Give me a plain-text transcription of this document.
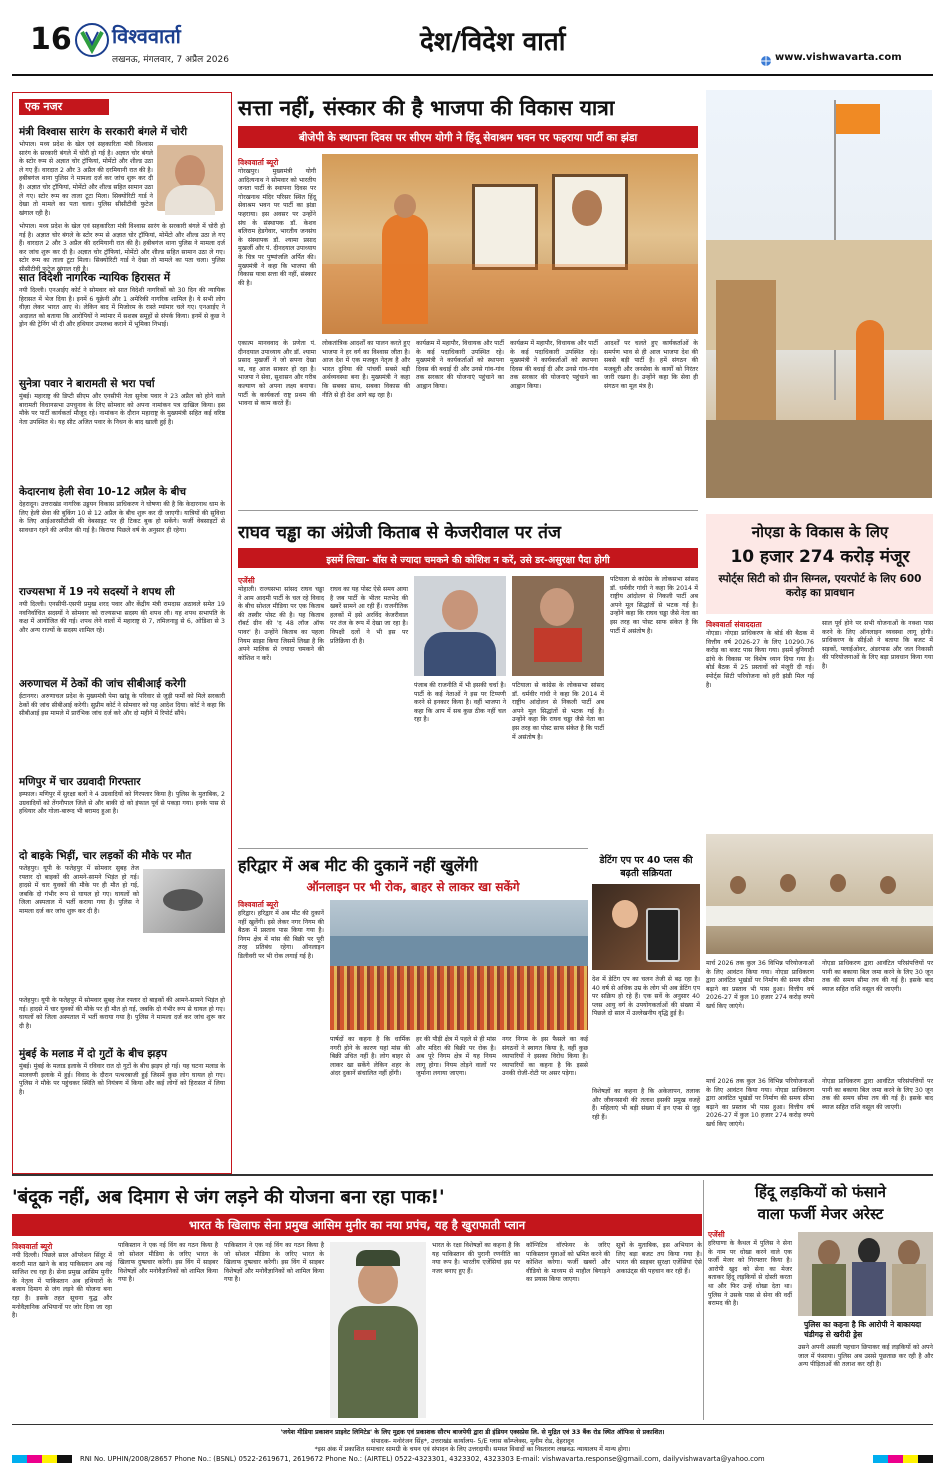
16 विश्ववार्ता
लखनऊ, मंगलवार, 7 अप्रैल 2026
देश/विदेश वार्ता
www.vishwavarta.com
एक नजर
मंत्री विश्वास सारंग के सरकारी बंगले में चोरी
भोपाल। मध्य प्रदेश के खेल एवं सहकारिता मंत्री विश्वास सारंग के सरकारी बंगले में चोरी हो गई है। अज्ञात चोर बंगले के स्टोर रूम से अज्ञात चोर ट्रॉफियां, मोमेंटो और शील्ड उठा ले गए हैं। वारदात 2 और 3 अप्रैल की दरमियानी रात की है। हबीबगंज थाना पुलिस ने मामला दर्ज कर जांच शुरू कर दी है। अज्ञात चोर ट्रॉफियां, मोमेंटो और शील्ड सहित सामान उठा ले गए। स्टोर रूम का ताला टूटा मिला। सिक्योरिटी गार्ड ने देखा तो मामले का पता चला। पुलिस सीसीटीवी फुटेज खंगाल रही है।
भोपाल। मध्य प्रदेश के खेल एवं सहकारिता मंत्री विश्वास सारंग के सरकारी बंगले में चोरी हो गई है। अज्ञात चोर बंगले के स्टोर रूम से अज्ञात चोर ट्रॉफियां, मोमेंटो और शील्ड उठा ले गए हैं। वारदात 2 और 3 अप्रैल की दरमियानी रात की है। हबीबगंज थाना पुलिस ने मामला दर्ज कर जांच शुरू कर दी है। अज्ञात चोर ट्रॉफियां, मोमेंटो और शील्ड सहित सामान उठा ले गए। स्टोर रूम का ताला टूटा मिला। सिक्योरिटी गार्ड ने देखा तो मामले का पता चला। पुलिस सीसीटीवी फुटेज खंगाल रही है।
सात विदेशी नागरिक न्यायिक हिरासत में
नयी दिल्ली। एनआईए कोर्ट ने सोमवार को सात विदेशी नागरिकों को 30 दिन की न्यायिक हिरासत में भेज दिया है। इनमें 6 यूक्रेनी और 1 अमेरिकी नागरिक शामिल है। ये सभी लोग वीज़ा लेकर भारत आए थे। लेकिन बाद में मिजोरम के रास्ते म्यांमार चले गए। एनआईए ने अदालत को बताया कि आरोपियों ने म्यांमार में सशस्त्र समूहों से संपर्क किया। इनमें से कुछ ने ड्रोन की ट्रेनिंग भी दी और हथियार उपलब्ध कराने में भूमिका निभाई।
सुनेत्रा पवार ने बारामती से भरा पर्चा
मुंबई। महाराष्ट्र की डिप्टी सीएम और एनसीपी नेता सुनेत्रा पवार ने 23 अप्रैल को होने वाले बारामती विधानसभा उपचुनाव के लिए सोमवार को अपना नामांकन पत्र दाखिल किया। इस मौके पर पार्टी कार्यकर्ता मौजूद रहे। नामांकन के दौरान महाराष्ट्र के मुख्यमंत्री सहित कई वरिष्ठ नेता उपस्थित थे। यह सीट अजित पवार के निधन के बाद खाली हुई है।
केदारनाथ हेली सेवा 10-12 अप्रैल के बीच
देहरादून। उत्तराखंड नागरिक उड्डयन विकास प्राधिकरण ने घोषणा की है कि केदारनाथ धाम के लिए हेली सेवा की बुकिंग 10 से 12 अप्रैल के बीच शुरू कर दी जाएगी। यात्रियों की सुविधा के लिए आईआरसीटीसी की वेबसाइट पर ही टिकट बुक हो सकेंगे। फर्जी वेबसाइटों से सावधान रहने की अपील की गई है। किराया पिछले वर्ष के अनुसार ही रहेगा।
राज्यसभा में 19 नये सदस्यों ने शपथ ली
नयी दिल्ली। एनसीपी-एसपी प्रमुख शरद पवार और केंद्रीय मंत्री रामदास अठावले समेत 19 नवनिर्वाचित सदस्यों ने सोमवार को राज्यसभा सदस्य की शपथ ली। यह शपथ सभापति के कक्ष में आयोजित की गई। शपथ लेने वालों में महाराष्ट्र से 7, तमिलनाडु से 6, ओडिशा से 3 और अन्य राज्यों के सदस्य शामिल रहे।
अरुणाचल में ठेकों की जांच सीबीआई करेगी
ईटानगर। अरुणाचल प्रदेश के मुख्यमंत्री पेमा खांडू के परिवार से जुड़ी फर्मों को मिले सरकारी ठेकों की जांच सीबीआई करेगी। सुप्रीम कोर्ट ने सोमवार को यह आदेश दिया। कोर्ट ने कहा कि सीबीआई इस मामले में प्रारंभिक जांच दर्ज करे और दो महीने में रिपोर्ट सौंपे।
मणिपुर में चार उग्रवादी गिरफ्तार
इम्फाल। मणिपुर में सुरक्षा बलों ने 4 उग्रवादियों को गिरफ्तार किया है। पुलिस के मुताबिक, 2 उग्रवादियों को तेंगनौपाल जिले से और बाकी दो को इंफाल पूर्व से पकड़ा गया। इनके पास से हथियार और गोला-बारूद भी बरामद हुआ है।
दो बाइके भिड़ीं, चार लड़कों की मौके पर मौत
फतेहपुर। यूपी के फतेहपुर में सोमवार सुबह तेज रफ्तार दो बाइकों की आमने-सामने भिड़ंत हो गई। हादसे में चार युवकों की मौके पर ही मौत हो गई, जबकि दो गंभीर रूप से घायल हो गए। घायलों को जिला अस्पताल में भर्ती कराया गया है। पुलिस ने मामला दर्ज कर जांच शुरू कर दी है।
फतेहपुर। यूपी के फतेहपुर में सोमवार सुबह तेज रफ्तार दो बाइकों की आमने-सामने भिड़ंत हो गई। हादसे में चार युवकों की मौके पर ही मौत हो गई, जबकि दो गंभीर रूप से घायल हो गए। घायलों को जिला अस्पताल में भर्ती कराया गया है। पुलिस ने मामला दर्ज कर जांच शुरू कर दी है।
मुंबई के मलाड में दो गुटों के बीच झड़प
मुंबई। मुंबई के मलाड इलाके में रविवार रात दो गुटों के बीच झड़प हो गई। यह घटना मलाड के मालवणी इलाके में हुई। विवाद के दौरान पत्थरबाजी हुई जिसमें कुछ लोग घायल हो गए। पुलिस ने मौके पर पहुंचकर स्थिति को नियंत्रण में किया और कई लोगों को हिरासत में लिया है।
सत्ता नहीं, संस्कार की है भाजपा की विकास यात्रा
बीजेपी के स्थापना दिवस पर सीएम योगी ने हिंदू सेवाश्रम भवन पर फहराया पार्टी का झंडा
विश्ववार्ता ब्यूरो
गोरखपुर। मुख्यमंत्री योगी आदित्यनाथ ने सोमवार को भारतीय जनता पार्टी के स्थापना दिवस पर गोरखनाथ मंदिर परिसर स्थित हिंदू सेवाश्रम भवन पर पार्टी का झंडा फहराया। इस अवसर पर उन्होंने संघ के संस्थापक डॉ. केशव बलिराम हेडगेवार, भारतीय जनसंघ के संस्थापक डॉ. श्यामा प्रसाद मुखर्जी और पं. दीनदयाल उपाध्याय के चित्र पर पुष्पांजलि अर्पित की। मुख्यमंत्री ने कहा कि भाजपा की विकास यात्रा सत्ता की नहीं, संस्कार की है।
एकात्म मानववाद के प्रणेता पं. दीनदयाल उपाध्याय और डॉ. श्यामा प्रसाद मुखर्जी ने जो सपना देखा था, वह आज साकार हो रहा है। भाजपा ने सेवा, सुशासन और गरीब कल्याण को अपना लक्ष्य बनाया। पार्टी के कार्यकर्ता राष्ट्र प्रथम की भावना से काम करते हैं।
लोकतांत्रिक आदर्शों का पालन करते हुए भाजपा ने हर वर्ग का विश्वास जीता है। आज देश में एक मजबूत नेतृत्व है और भारत दुनिया की पांचवीं सबसे बड़ी अर्थव्यवस्था बना है। मुख्यमंत्री ने कहा कि सबका साथ, सबका विकास की नीति से ही देश आगे बढ़ रहा है।
कार्यक्रम में महापौर, विधायक और पार्टी के कई पदाधिकारी उपस्थित रहे। मुख्यमंत्री ने कार्यकर्ताओं को स्थापना दिवस की बधाई दी और उनसे गांव-गांव तक सरकार की योजनाएं पहुंचाने का आह्वान किया।
कार्यक्रम में महापौर, विधायक और पार्टी के कई पदाधिकारी उपस्थित रहे। मुख्यमंत्री ने कार्यकर्ताओं को स्थापना दिवस की बधाई दी और उनसे गांव-गांव तक सरकार की योजनाएं पहुंचाने का आह्वान किया।
आदर्शों पर चलते हुए कार्यकर्ताओं के समर्पण भाव से ही आज भाजपा देश की सबसे बड़ी पार्टी है। हमें संगठन की मजबूती और जनसेवा के कार्यों को निरंतर जारी रखना है। उन्होंने कहा कि सेवा ही संगठन का मूल मंत्र है।
राघव चड्ढा का अंग्रेजी किताब से केजरीवाल पर तंज
इसमें लिखा- बॉस से ज्यादा चमकने की कोशिश न करें, उसे डर-असुरक्षा पैदा होगी
एजेंसी
मोहाली। राज्यसभा सांसद राघव चड्ढा ने आम आदमी पार्टी के चल रहे विवाद के बीच सोशल मीडिया पर एक किताब की तस्वीर पोस्ट की है। यह किताब रॉबर्ट ग्रीन की 'द 48 लॉज ऑफ पावर' है। उन्होंने किताब का पहला नियम साझा किया जिसमें लिखा है कि अपने मालिक से ज्यादा चमकने की कोशिश न करें।
राघव का यह पोस्ट ऐसे समय आया है जब पार्टी के भीतर मतभेद की खबरें सामने आ रही हैं। राजनीतिक हलकों में इसे अरविंद केजरीवाल पर तंज के रूप में देखा जा रहा है। विपक्षी दलों ने भी इस पर प्रतिक्रिया दी है।
पंजाब की राजनीति में भी इसकी चर्चा है। पार्टी के कई नेताओं ने इस पर टिप्पणी करने से इनकार किया है। वहीं भाजपा ने कहा कि आप में सब कुछ ठीक नहीं चल रहा है।
पटियाला से कांग्रेस के लोकसभा सांसद डॉ. धर्मवीर गांधी ने कहा कि 2014 में राष्ट्रीय आंदोलन से निकली पार्टी अब अपने मूल सिद्धांतों से भटक गई है। उन्होंने कहा कि राघव चड्ढा जैसे नेता का इस तरह का पोस्ट साफ संकेत है कि पार्टी में असंतोष है।
पटियाला से कांग्रेस के लोकसभा सांसद डॉ. धर्मवीर गांधी ने कहा कि 2014 में राष्ट्रीय आंदोलन से निकली पार्टी अब अपने मूल सिद्धांतों से भटक गई है। उन्होंने कहा कि राघव चड्ढा जैसे नेता का इस तरह का पोस्ट साफ संकेत है कि पार्टी में असंतोष है।
नोएडा के विकास के लिए
10 हजार 274 करोड़ मंजूर
स्पोर्ट्स सिटी को ग्रीन सिग्नल, एयरपोर्ट के लिए 600 करोड़ का प्रावधान
विश्ववार्ता संवाददाता
नोएडा। नोएडा प्राधिकरण के बोर्ड की बैठक में वित्तीय वर्ष 2026-27 के लिए 10290.76 करोड़ का बजट पास किया गया। इसमें बुनियादी ढांचे के विकास पर विशेष ध्यान दिया गया है। बोर्ड बैठक में 25 प्रस्तावों को मंजूरी दी गई। स्पोर्ट्स सिटी परियोजना को हरी झंडी मिल गई है।
साल पूर्व होने पर सभी योजनाओं के नक्शा पास करने के लिए ऑनलाइन व्यवस्था लागू होगी। प्राधिकरण के सीईओ ने बताया कि बजट में सड़कों, फ्लाईओवर, अंडरपास और जल निकासी की परियोजनाओं के लिए बड़ा प्रावधान किया गया है।
मार्च 2026 तक कुल 36 विभिन्न परियोजनाओं के लिए आवंटन किया गया। नोएडा प्राधिकरण द्वारा आवंटित भूखंडों पर निर्माण की समय सीमा बढ़ाने का प्रस्ताव भी पास हुआ। वित्तीय वर्ष 2026-27 में कुल 10 हजार 274 करोड़ रुपये खर्च किए जाएंगे।
नोएडा प्राधिकरण द्वारा आवंटित परिसंपत्तियों पर पानी का बकाया बिल जमा करने के लिए 30 जून तक की समय सीमा तय की गई है। इसके बाद ब्याज सहित राशि वसूल की जाएगी।
हरिद्वार में अब मीट की दुकानें नहीं खुलेंगी
ऑनलाइन पर भी रोक, बाहर से लाकर खा सकेंगे
विश्ववार्ता ब्यूरो
हरिद्वार। हरिद्वार में अब मीट की दुकानें नहीं खुलेंगी। इसे लेकर नगर निगम की बैठक में प्रस्ताव पास किया गया है। निगम क्षेत्र में मांस की बिक्री पर पूरी तरह प्रतिबंध रहेगा। ऑनलाइन डिलीवरी पर भी रोक लगाई गई है।
पार्षदों का कहना है कि धार्मिक नगरी होने के कारण यहां मांस की बिक्री उचित नहीं है। लोग बाहर से लाकर खा सकेंगे लेकिन शहर के अंदर दुकानें संचालित नहीं होंगी।
हर की पौड़ी क्षेत्र में पहले से ही मांस और मदिरा की बिक्री पर रोक है। अब पूरे निगम क्षेत्र में यह नियम लागू होगा। नियम तोड़ने वालों पर जुर्माना लगाया जाएगा।
नगर निगम के इस फैसले का कई संगठनों ने स्वागत किया है, वहीं कुछ व्यापारियों ने इसका विरोध किया है। व्यापारियों का कहना है कि इससे उनकी रोजी-रोटी पर असर पड़ेगा।
डेटिंग एप पर 40 प्लस की बढ़ती सक्रियता
देश में डेटिंग एप का चलन तेजी से बढ़ रहा है। 40 वर्ष से अधिक उम्र के लोग भी अब डेटिंग एप पर सक्रिय हो रहे हैं। एक सर्वे के अनुसार 40 प्लस आयु वर्ग के उपयोगकर्ताओं की संख्या में पिछले दो साल में उल्लेखनीय वृद्धि हुई है।
विशेषज्ञों का कहना है कि अकेलापन, तलाक और जीवनसाथी की तलाश इसकी प्रमुख वजहें हैं। महिलाएं भी बड़ी संख्या में इन एप्स से जुड़ रही हैं।
मार्च 2026 तक कुल 36 विभिन्न परियोजनाओं के लिए आवंटन किया गया। नोएडा प्राधिकरण द्वारा आवंटित भूखंडों पर निर्माण की समय सीमा बढ़ाने का प्रस्ताव भी पास हुआ। वित्तीय वर्ष 2026-27 में कुल 10 हजार 274 करोड़ रुपये खर्च किए जाएंगे।
नोएडा प्राधिकरण द्वारा आवंटित परिसंपत्तियों पर पानी का बकाया बिल जमा करने के लिए 30 जून तक की समय सीमा तय की गई है। इसके बाद ब्याज सहित राशि वसूल की जाएगी।
'बंदूक नहीं, अब दिमाग से जंग लड़ने की योजना बना रहा पाक!'
भारत के खिलाफ सेना प्रमुख आसिम मुनीर का नया प्रपंच, यह है खुराफाती प्लान
विश्ववार्ता ब्यूरो
नयी दिल्ली। पिछले साल ऑपरेशन सिंदूर में करारी मात खाने के बाद पाकिस्तान अब नई साजिश रच रहा है। सेना प्रमुख आसिम मुनीर के नेतृत्व में पाकिस्तान अब हथियारों के बजाय दिमाग से जंग लड़ने की योजना बना रहा है। इसके तहत सूचना युद्ध और मनोवैज्ञानिक अभियानों पर जोर दिया जा रहा है।
पाकिस्तान ने एक नई विंग का गठन किया है जो सोशल मीडिया के जरिए भारत के खिलाफ दुष्प्रचार करेगी। इस विंग में साइबर विशेषज्ञों और मनोवैज्ञानिकों को शामिल किया गया है।
पाकिस्तान ने एक नई विंग का गठन किया है जो सोशल मीडिया के जरिए भारत के खिलाफ दुष्प्रचार करेगी। इस विंग में साइबर विशेषज्ञों और मनोवैज्ञानिकों को शामिल किया गया है।
भारत के रक्षा विशेषज्ञों का कहना है कि यह पाकिस्तान की पुरानी रणनीति का नया रूप है। भारतीय एजेंसियां इस पर नजर बनाए हुए हैं।
कॉग्निटिव वॉरफेयर के जरिए पाकिस्तान युवाओं को भ्रमित करने की कोशिश करेगा। फर्जी खबरों और वीडियो के माध्यम से माहौल बिगाड़ने का प्रयास किया जाएगा।
सूत्रों के मुताबिक, इस अभियान के लिए बड़ा बजट तय किया गया है। भारत की साइबर सुरक्षा एजेंसियां ऐसे अकाउंट्स की पहचान कर रही हैं।
हिंदू लड़कियों को फंसाने
वाला फर्जी मेजर अरेस्ट
एजेंसी
हरियाणा के कैथल में पुलिस ने सेना के नाम पर धोखा करने वाले एक फर्जी मेजर को गिरफ्तार किया है। आरोपी खुद को सेना का मेजर बताकर हिंदू लड़कियों से दोस्ती करता था और फिर उन्हें धोखा देता था। पुलिस ने उसके पास से सेना की वर्दी बरामद की है।
पुलिस का कहना है कि आरोपी ने बाकायदा चंडीगढ़ से खरीदी ड्रेस
उसने अपनी असली पहचान छिपाकर कई लड़कियों को अपने जाल में फंसाया। पुलिस अब उससे पूछताछ कर रही है और अन्य पीड़िताओं की तलाश कर रही है।
'जयेश मीडिया प्रकाशन प्राइवेट लिमिटेड' के लिए मुद्रक एवं प्रकाशक सौरभ बाजपेयी द्वारा डी इंडियन एक्सप्रेस लि. से मुद्रित एवं 33 बैंक रोड स्थित ऑफिस से प्रकाशित।
संपादक- मनोरंजन सिंह*, उत्तराखंड कार्यालय- 5/E ग्लास कॉम्प्लेक्स, मुनीम रोड, देहरादून
*इस अंक में प्रकाशित समाचार सामग्री के चयन एवं संपादन के लिए उत्तरदायी। समस्त विवादों का निस्तारण लखनऊ न्यायालय में मान्य होगा।
RNI No. UPHIN/2008/28657 Phone No.: (BSNL) 0522-2619671, 2619672 Phone No.: (AIRTEL) 0522-4323301, 4323302, 4323303 E-mail: vishwavarta.response@gmail.com, dailyvishwavarta@yahoo.com
